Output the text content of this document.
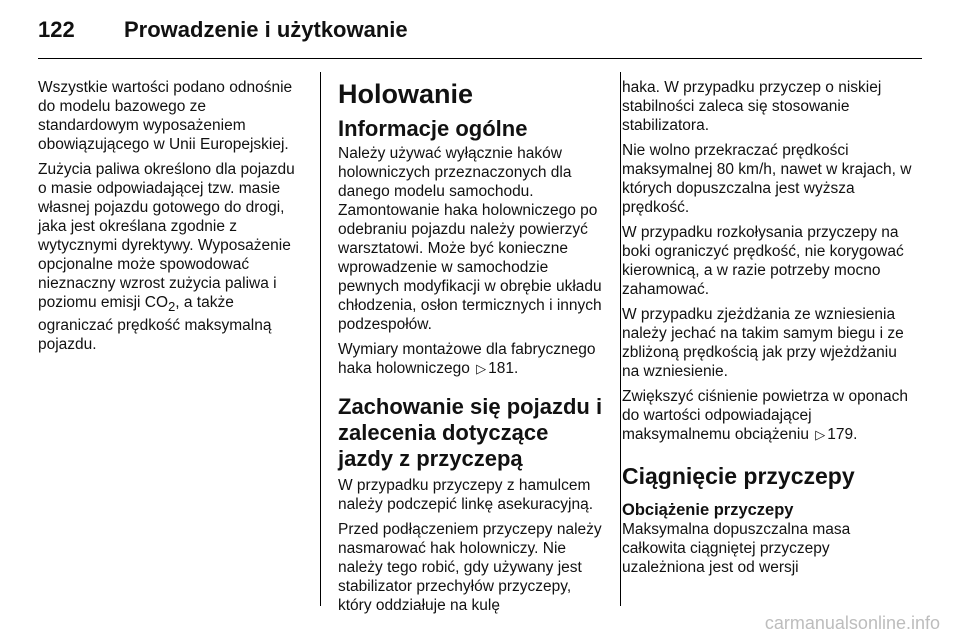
122	Prowadzenie i użytkowanie

Wszystkie wartości podano odnośnie do modelu bazowego ze standardowym wyposażeniem obowiązującego w Unii Europejskiej.

Zużycia paliwa określono dla pojazdu o masie odpowiadającej tzw. masie własnej pojazdu gotowego do drogi, jaka jest określana zgodnie z wytycznymi dyrektywy. Wyposażenie opcjonalne może spowodować nieznaczny wzrost zużycia paliwa i poziomu emisji $CO_2$, a także ograniczać prędkość maksymalną pojazdu.

Holowanie
Informacje ogólne

Należy używać wyłącznie haków holowniczych przeznaczonych dla danego modelu samochodu. Zamontowanie haka holowniczego po odebraniu pojazdu należy powierzyć warsztatowi. Może być konieczne wprowadzenie w samochodzie pewnych modyfikacji w obrębie układu chłodzenia, osłon termicznych i innych podzespołów.

Wymiary montażowe dla fabrycznego haka holowniczego ▷ 181.

Zachowanie się pojazdu i zalecenia dotyczące jazdy z przyczepą

W przypadku przyczepy z hamulcem należy podczepić linkę asekuracyjną.

Przed podłączeniem przyczepy należy nasmarować hak holowniczy. Nie należy tego robić, gdy używany jest stabilizator przechyłów przyczepy, który oddziałuje na kulę

haka. W przypadku przyczep o niskiej stabilności zaleca się stosowanie stabilizatora.

Nie wolno przekraczać prędkości maksymalnej 80 km/h, nawet w krajach, w których dopuszczalna jest wyższa prędkość.

W przypadku rozkołysania przyczepy na boki ograniczyć prędkość, nie korygować kierownicą, a w razie potrzeby mocno zahamować.

W przypadku zjeżdżania ze wzniesienia należy jechać na takim samym biegu i ze zbliżoną prędkością jak przy wjeżdżaniu na wzniesienie.

Zwiększyć ciśnienie powietrza w oponach do wartości odpowiadającej maksymalnemu obciążeniu ▷ 179.

Ciągnięcie przyczepy
Obciążenie przyczepy

Maksymalna dopuszczalna masa całkowita ciągniętej przyczepy uzależniona jest od wersji

carmanualsonline.info
